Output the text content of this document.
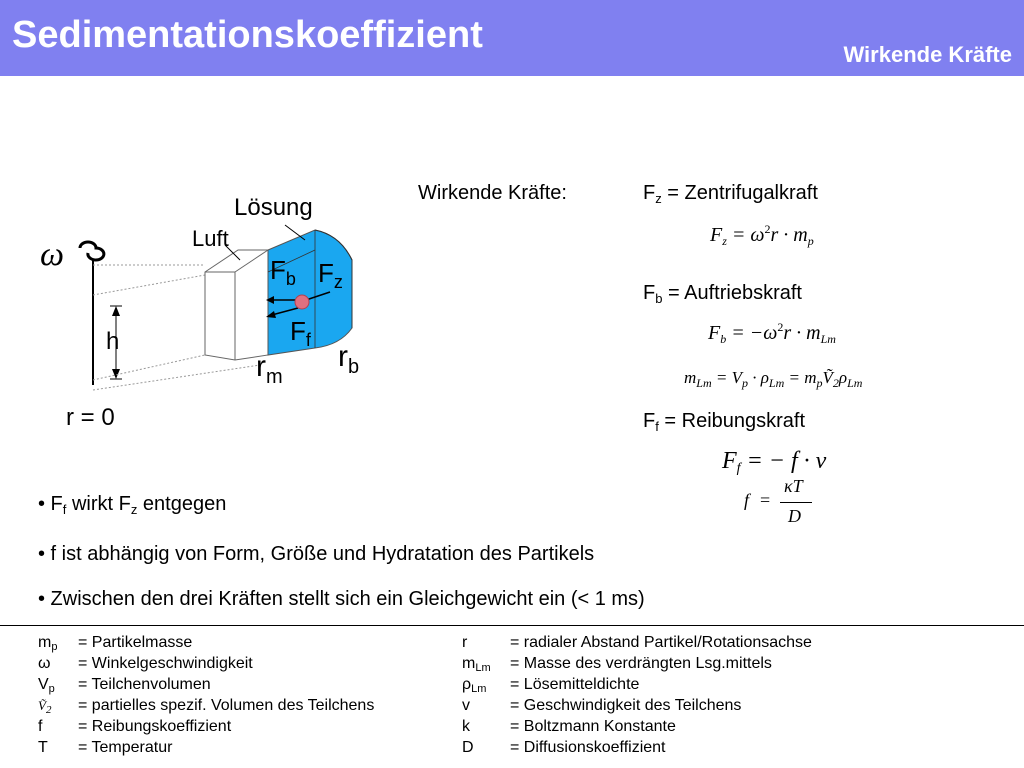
Sedimentationskoeffizient	Wirkende Kräfte
ω
Lösung
Luft
$F_b$ $F_z$
$F_f$
h
$r_m$
$r_b$
r = 0
Wirkende Kräfte:	$F_z$ = Zentrifugalkraft
$F_z = \omega^2r \cdot m_p$
$F_b$ = Auftriebskraft
$F_b = -\omega^2r \cdot m_{Lm}$
$m_{Lm} = V_p \cdot \rho_{Lm}$ = $m_pṼ_2\rho_{Lm}$
$F_f$ = Reibungskraft
$F_f$ = − f · v
f =
κT
D
• $F_f$ wirkt $F_z$ entgegen
• f ist abhängig von Form, Größe und Hydratation des Partikels
• Zwischen den drei Kräften stellt sich ein Gleichgewicht ein (< 1 ms)
$m_p$	= Partikelmasse
ω	= Winkelgeschwindigkeit
$V_p$	= Teilchenvolumen
Ṽ$_2$	= partielles spezif. Volumen des Teilchens
f	= Reibungskoeffizient
T	= Temperatur
r	= radialer Abstand Partikel/Rotationsachse
$m_{Lm}$	= Masse des verdrängten Lsg.mittels
$\rho_{Lm}$	= Lösemitteldichte
v	= Geschwindigkeit des Teilchens
k	= Boltzmann Konstante
D	= Diffusionskoeffizient
